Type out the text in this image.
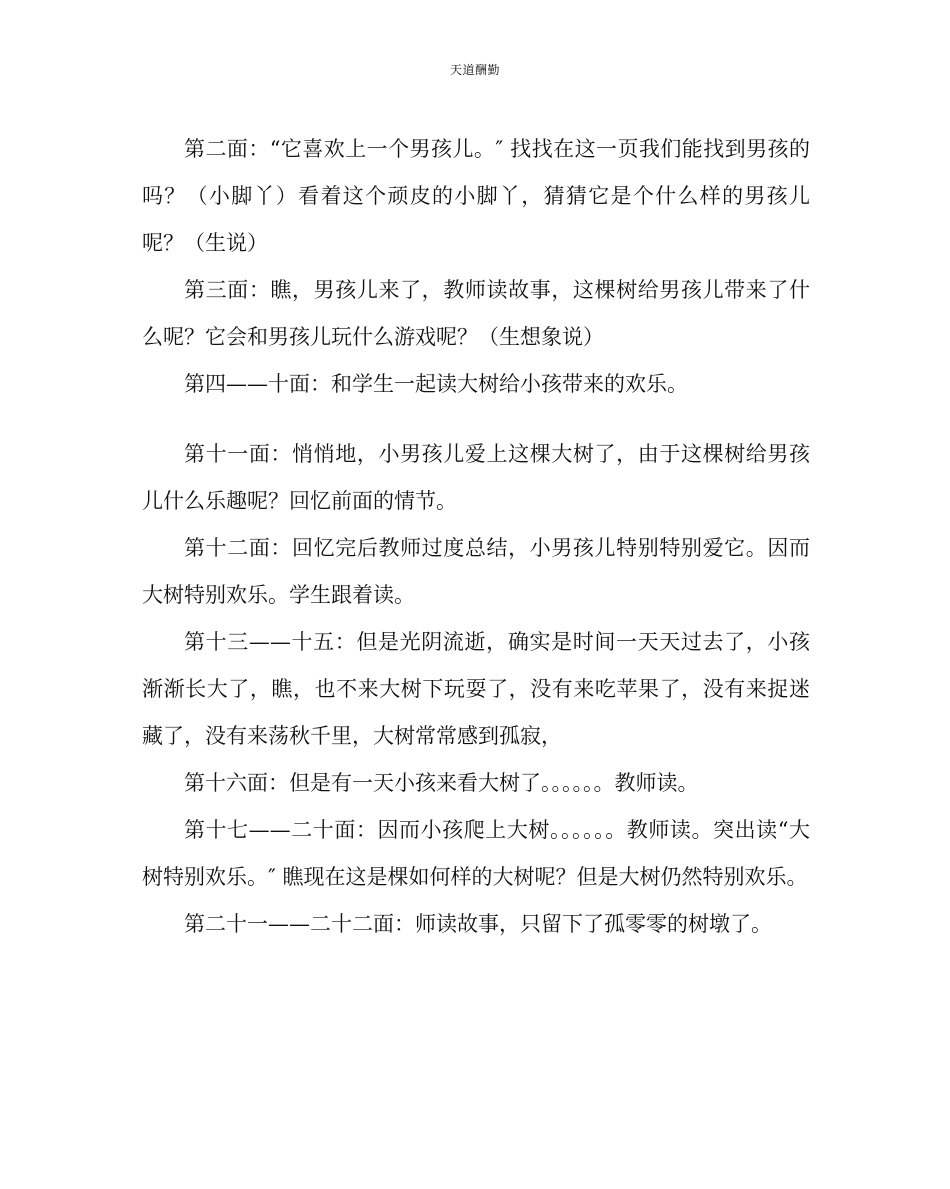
天道酬勤

第二面：“它喜欢上一个男孩儿。″ 找找在这一页我们能找到男孩的吗？（小脚丫）看着这个顽皮的小脚丫，猜猜它是个什么样的男孩儿呢？（生说）

第三面：瞧，男孩儿来了，教师读故事，这棵树给男孩儿带来了什么呢？它会和男孩儿玩什么游戏呢？（生想象说）

第四——十面：和学生一起读大树给小孩带来的欢乐。

第十一面：悄悄地，小男孩儿爱上这棵大树了，由于这棵树给男孩儿什么乐趣呢？回忆前面的情节。

第十二面：回忆完后教师过度总结，小男孩儿特别特别爱它。因而大树特别欢乐。学生跟着读。

第十三——十五：但是光阴流逝，确实是时间一天天过去了，小孩渐渐长大了，瞧，也不来大树下玩耍了，没有来吃苹果了，没有来捉迷藏了，没有来荡秋千里，大树常常感到孤寂，

第十六面：但是有一天小孩来看大树了。。。。。。教师读。

第十七——二十面：因而小孩爬上大树。。。。。。教师读。突出读“大树特别欢乐。″ 瞧现在这是棵如何样的大树呢？但是大树仍然特别欢乐。

第二十一——二十二面：师读故事，只留下了孤零零的树墩了。
